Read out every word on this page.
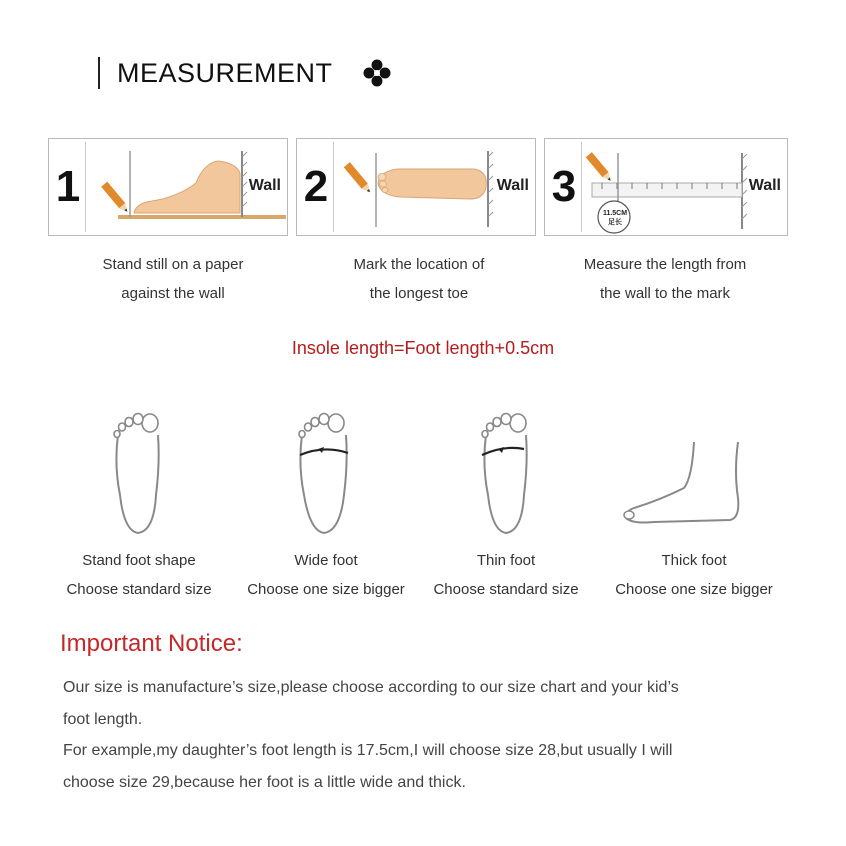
MEASUREMENT
1	Wall
Stand still on a paper
against the wall
2	Wall
Mark the location of
the longest toe
3
11.5CM
足长
Wall
Measure the length from
the wall to the mark
Insole length=Foot length+0.5cm
Stand foot shape
Choose standard size
Wide foot
Choose one size bigger
Thin foot
Choose standard size
Thick foot
Choose one size bigger
Important Notice:

Our size is manufacture’s size,please choose according to our size chart and your kid’s

foot length.

For example,my daughter’s foot length is 17.5cm,I will choose size 28,but usually I will

choose size 29,because her foot is a little wide and thick.
